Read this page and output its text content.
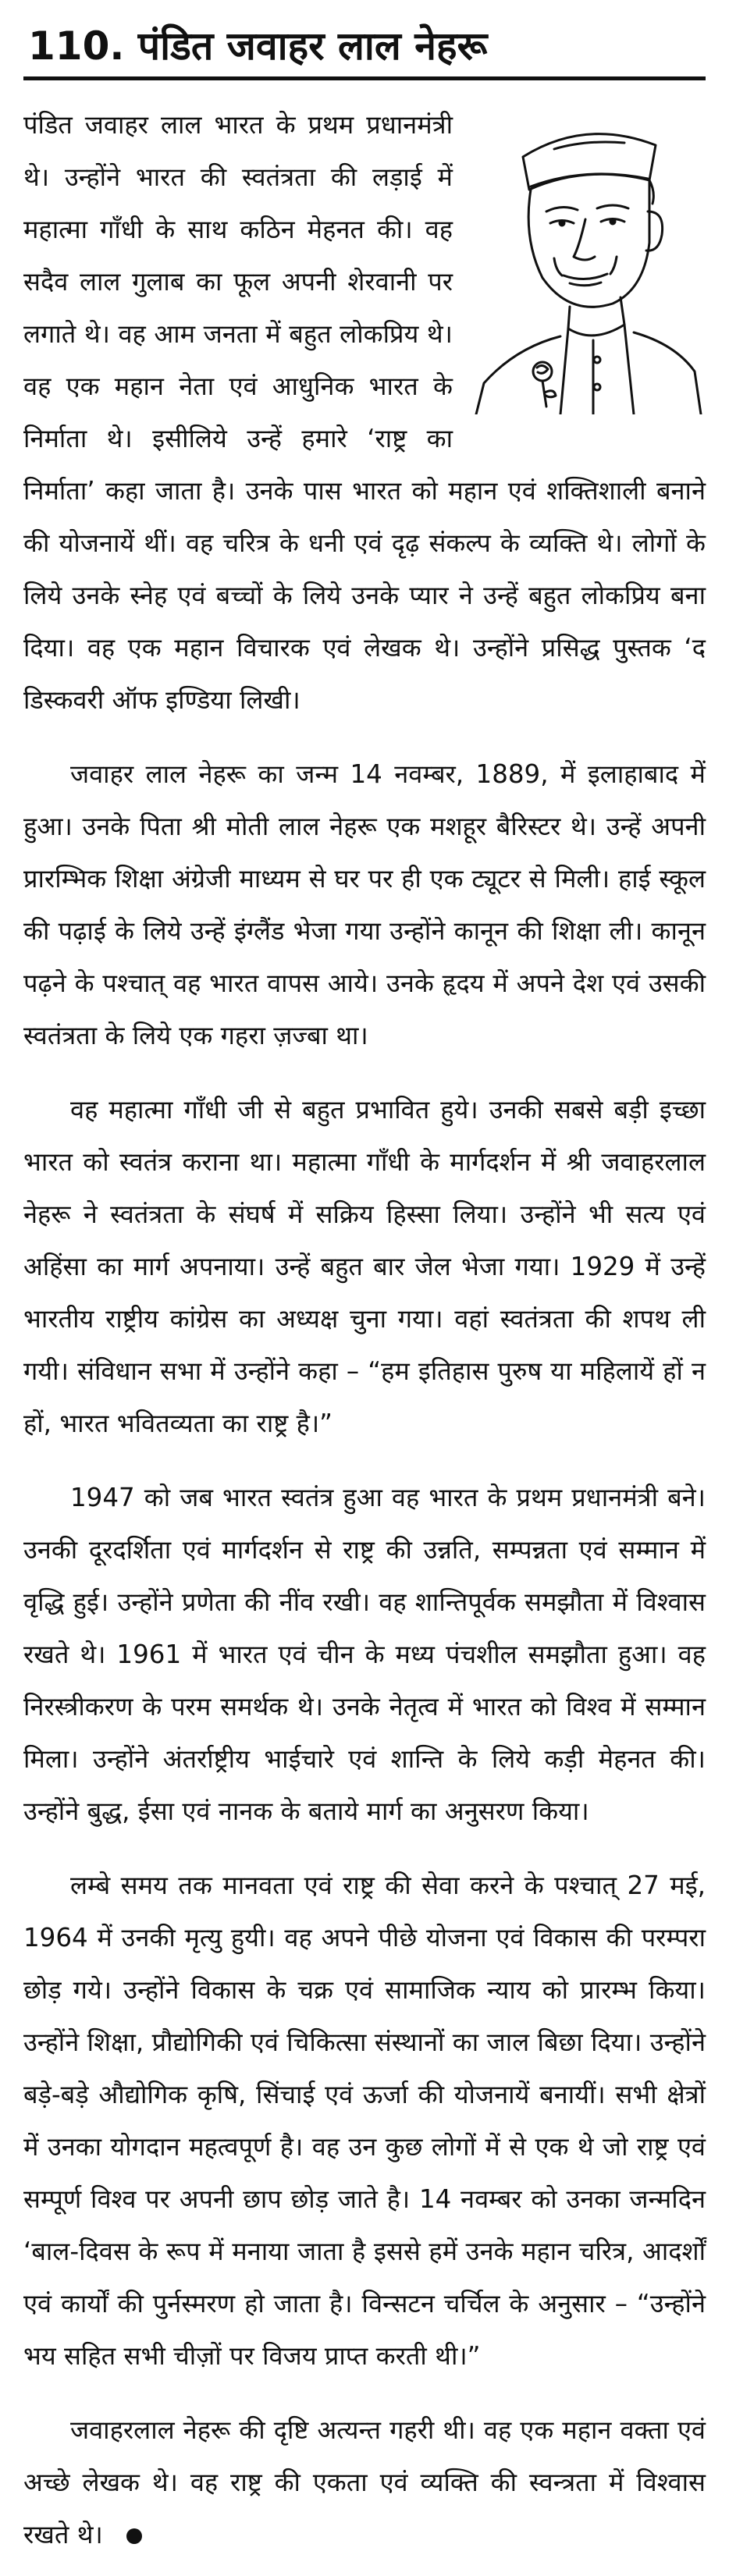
110. पंडित जवाहर लाल नेहरू

पंडित जवाहर लाल भारत के प्रथम प्रधानमंत्री थे। उन्होंने भारत की स्वतंत्रता की लड़ाई में महात्मा गाँधी के साथ कठिन मेहनत की। वह सदैव लाल गुलाब का फूल अपनी शेरवानी पर लगाते थे। वह आम जनता में बहुत लोकप्रिय थे। वह एक महान नेता एवं आधुनिक भारत के निर्माता थे। इसीलिये उन्हें हमारे ‘राष्ट्र का निर्माता’ कहा जाता है। उनके पास भारत को महान एवं शक्तिशाली बनाने की योजनायें थीं। वह चरित्र के धनी एवं दृढ़ संकल्प के व्यक्ति थे। लोगों के लिये उनके स्नेह एवं बच्चों के लिये उनके प्यार ने उन्हें बहुत लोकप्रिय बना दिया। वह एक महान विचारक एवं लेखक थे। उन्होंने प्रसिद्ध पुस्तक ‘द डिस्कवरी ऑफ इण्डिया लिखी।

जवाहर लाल नेहरू का जन्म 14 नवम्बर, 1889, में इलाहाबाद में हुआ। उनके पिता श्री मोती लाल नेहरू एक मशहूर बैरिस्टर थे। उन्हें अपनी प्रारम्भिक शिक्षा अंग्रेजी माध्यम से घर पर ही एक ट्यूटर से मिली। हाई स्कूल की पढ़ाई के लिये उन्हें इंग्लैंड भेजा गया उन्होंने कानून की शिक्षा ली। कानून पढ़ने के पश्चात् वह भारत वापस आये। उनके हृदय में अपने देश एवं उसकी स्वतंत्रता के लिये एक गहरा ज़ज्बा था।

वह महात्मा गाँधी जी से बहुत प्रभावित हुये। उनकी सबसे बड़ी इच्छा भारत को स्वतंत्र कराना था। महात्मा गाँधी के मार्गदर्शन में श्री जवाहरलाल नेहरू ने स्वतंत्रता के संघर्ष में सक्रिय हिस्सा लिया। उन्होंने भी सत्य एवं अहिंसा का मार्ग अपनाया। उन्हें बहुत बार जेल भेजा गया। 1929 में उन्हें भारतीय राष्ट्रीय कांग्रेस का अध्यक्ष चुना गया। वहां स्वतंत्रता की शपथ ली गयी। संविधान सभा में उन्होंने कहा – “हम इतिहास पुरुष या महिलायें हों न हों, भारत भवितव्यता का राष्ट्र है।”

1947 को जब भारत स्वतंत्र हुआ वह भारत के प्रथम प्रधानमंत्री बने। उनकी दूरदर्शिता एवं मार्गदर्शन से राष्ट्र की उन्नति, सम्पन्नता एवं सम्मान में वृद्धि हुई। उन्होंने प्रणेता की नींव रखी। वह शान्तिपूर्वक समझौता में विश्वास रखते थे। 1961 में भारत एवं चीन के मध्य पंचशील समझौता हुआ। वह निरस्त्रीकरण के परम समर्थक थे। उनके नेतृत्व में भारत को विश्व में सम्मान मिला। उन्होंने अंतर्राष्ट्रीय भाईचारे एवं शान्ति के लिये कड़ी मेहनत की। उन्होंने बुद्ध, ईसा एवं नानक के बताये मार्ग का अनुसरण किया।

लम्बे समय तक मानवता एवं राष्ट्र की सेवा करने के पश्चात् 27 मई, 1964 में उनकी मृत्यु हुयी। वह अपने पीछे योजना एवं विकास की परम्परा छोड़ गये। उन्होंने विकास के चक्र एवं सामाजिक न्याय को प्रारम्भ किया। उन्होंने शिक्षा, प्रौद्योगिकी एवं चिकित्सा संस्थानों का जाल बिछा दिया। उन्होंने बड़े-बड़े औद्योगिक कृषि, सिंचाई एवं ऊर्जा की योजनायें बनायीं। सभी क्षेत्रों में उनका योगदान महत्वपूर्ण है। वह उन कुछ लोगों में से एक थे जो राष्ट्र एवं सम्पूर्ण विश्व पर अपनी छाप छोड़ जाते है। 14 नवम्बर को उनका जन्मदिन ‘बाल-दिवस के रूप में मनाया जाता है इससे हमें उनके महान चरित्र, आदर्शों एवं कार्यों की पुर्नस्मरण हो जाता है। विन्सटन चर्चिल के अनुसार – “उन्होंने भय सहित सभी चीज़ों पर विजय प्राप्त करती थी।”

जवाहरलाल नेहरू की दृष्टि अत्यन्त गहरी थी। वह एक महान वक्ता एवं अच्छे लेखक थे। वह राष्ट्र की एकता एवं व्यक्ति की स्वन्त्रता में विश्वास रखते थे।
